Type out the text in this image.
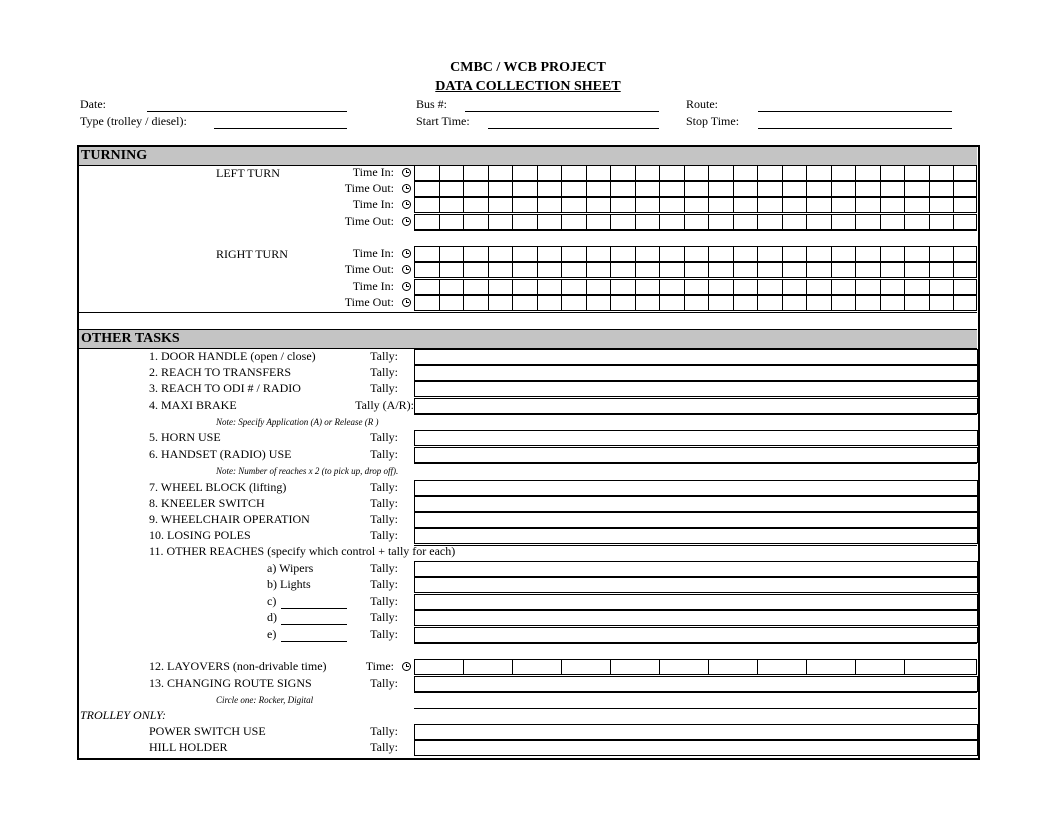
CMBC / WCB PROJECT
DATA COLLECTION SHEET
Date:
Type (trolley / diesel):
Bus #:
Start Time:
Route:
Stop Time:
TURNING
LEFT TURN
RIGHT TURN
Time In:
Time Out:
Time In:
Time Out:
Time In:
Time Out:
Time In:
Time Out:
OTHER TASKS
1. DOOR HANDLE (open / close)
2. REACH TO TRANSFERS
3. REACH TO ODI # / RADIO
4. MAXI BRAKE
Note: Specify Application (A) or Release (R )
5. HORN USE
6. HANDSET (RADIO) USE
Note: Number of reaches x 2 (to pick up, drop off).
7. WHEEL BLOCK (lifting)
8. KNEELER SWITCH
9. WHEELCHAIR OPERATION
10. LOSING POLES
11. OTHER REACHES (specify which control + tally for each)
a) Wipers
b) Lights
c)
d)
e)
12. LAYOVERS (non-drivable time)
13. CHANGING ROUTE SIGNS
Circle one: Rocker, Digital
TROLLEY ONLY:
POWER SWITCH USE
HILL HOLDER
Tally:
Tally:
Tally:
Tally (A/R):
Tally:
Tally:
Tally:
Tally:
Tally:
Tally:
Tally:
Tally:
Tally:
Tally:
Tally:
Tally:
Tally:
Tally:
Time:
